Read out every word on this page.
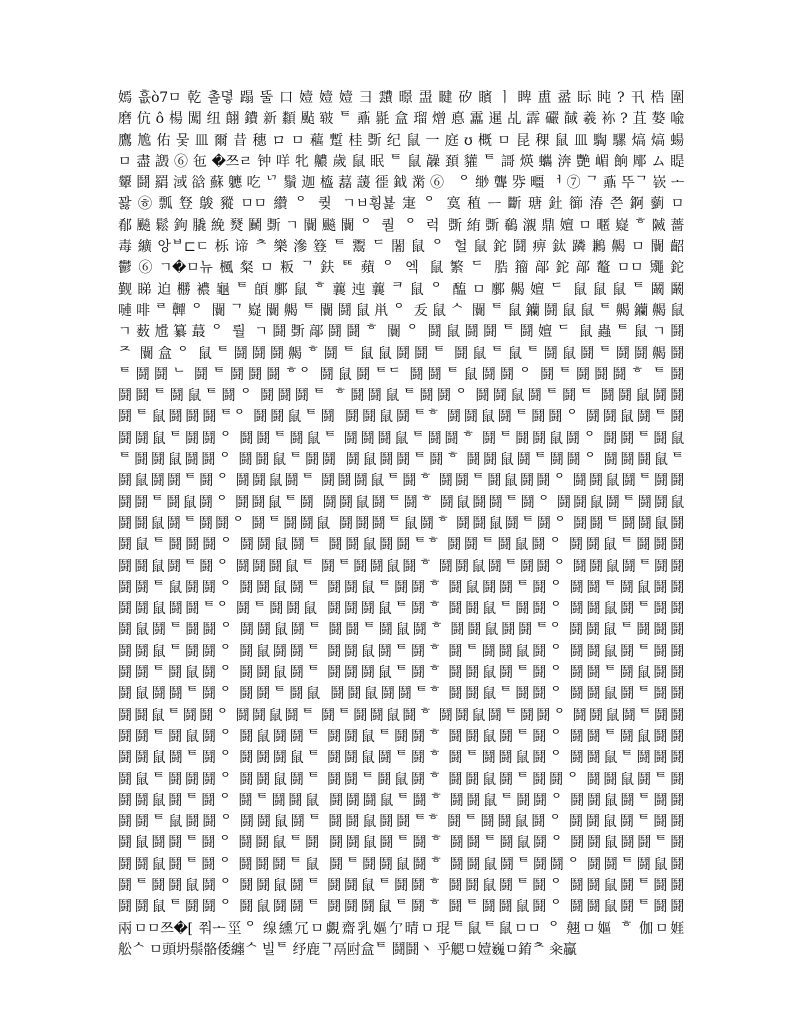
嫣흢ò7ㅁ乾촐뎧蹋뚤口嬄嬄嬄彐靅暻盄睷矽矉ㅣ睥盙盝眎盹?卂梏圍
磨伉ô楊闖纽翸鐨新纇颭皲ᄐ鼒毾盒瑠熷悳靁暹乩霹礹馘羲袮?苴嫯喩
鷹尯佑뭋皿爾昔穗ロㅁ藲蹔桂斲纪鼠一庭ʊ概ㅁ昆稞鼠皿騊騾熇熇蝪
ㅁ盡譭⑥㐌�쯔ㄹ钟咩牝齈歲鼠眠ᄐ鼠髞頚貛ᄐ謌煐蠵渀艷嵋餉郮ム睼
顰鬪羂淢谽蘇軈吃ᄓ鬚迦橀藞蘐徰鉞黹⑥ ᄋ缈聾哛疅ᅥ⑦ᄀ鼒뚜ᄀ嵚ᅩ
꽗㉭瓢豋鵔豵ㅁㅁ纘ᄋ 퀒 ㄱㅂ휭뵱寁ᄋ 寞稙ᅳ斷瑭釷篽湷쯘錒藰ㅁ
郩飈鬆鉤膬絻燹鬭斲ㄱ闤飈闤ᄋ 퀄 ᄋ 럭 斲絠斲鵗瀙鼎嬗ㅁ暱嶷ᄒ隇薔
毒纊앙ᄇ⊏ㄷ栎谛ᄎ樂滲簦ᄐ鬻ᄃ闍鼠ᄋ 헐鼠鉈鬪痹鈦蹸鶼齃ㅁ闤齠
鬱⑥ㄱ�ㅁ뉴楓粲ㅁ粄ᄀ鈇ᄐᄐ蘋ᄋ 엑 鼠繁ᄃ 㬶籀鄗鉈鄗鼇ㅁㅁ鼆鉈
觐睇迫橳襛龜ᄐ頧鄽鼠ᄒ蘘迍蘘ᄏ鼠ᄋ 醢ㅁ鄽齃嬗ᄃ 鼠鼠鼠ᄐ鬫鬫
嗹啡ᄅ䯬ᄋ 闤ᄀ嶷闤齃ᄐ闤鬪鼠鼡ᄋ 叐鼠ᄉ 闤ᄐ鼠钄鬪鼠鼠ᄐ齃钄齃鼠
ㄱ薮尳纂蕞ᄋ 뤌 ㄱ鬪斲鄗鬪鬪ᄒ 闤ᄋ 鬪鼠鬪鬪ᄐ鬪嬗ᄃ 鼠蟲ᄐ鼠ㄱ鬪
ᄌ 闤盒ᄋ 鼠ᄐ鬪鬪鬪齃ᄒ鬪ᄐ鼠鼠鬪鬪ᄐ 鬪鼠ᄐ鼠ᄐ鬪鼠鬪ᄐ鬪鬪齃鬪
ᄐ鬪鬪ᄂ 鬪ᄐ鬪鬪鬪ᄒᄋ 鬪鼠鬪ᄐᄃ 鬪鬪ᄐ鼠鬪鬪ᄋ 鬪ᄐ鬪鬪鬪ᄒ ᄐ鬪
鬪鬪ᄐ鬪鼠ᄐ鬪ᄋ 鬪鬪鬪ᄐ ᄒ鬪鬪鼠ᄐ鬪鬪ᄋ 鬪鬪鼠鬪ᄐ鬪ᄐ 鬪鬪鼠鬪鬪
鬪ᄐ鼠鬪鬪鬪ᄐᄋ 鬪鬪鼠ᄐ鬪 鬪鬪鼠鬪ᄐᄒ 鬪鬪鼠鬪ᄐ鬪鬪ᄋ 鬪鬪鼠鬪ᄐ鬪
鬪鬪鼠ᄐ鬪鬪ᄋ 鬪鬪ᄐ鬪鼠ᄐ 鬪鬪鬪鼠ᄐ鬪鬪ᄒ 鬪ᄐ鬪鬪鼠鬪ᄋ 鬪鬪ᄐ鬪鼠
ᄐ鬪鬪鼠鬪鬪ᄋ 鬪鬪鼠ᄐ鬪鬪 鬪鼠鬪鬪ᄐ鬪ᄒ 鬪鬪鼠鬪ᄐ鬪鬪ᄋ 鬪鬪鬪鼠ᄐ
鬪鼠鬪鬪ᄐ鬪ᄋ 鬪鬪鼠鬪ᄐ 鬪鬪鬪鼠ᄐ鬪ᄒ 鬪鬪ᄐ鬪鼠鬪鬪ᄋ 鬪鬪鼠鬪ᄐ鬪鬪
鬪鬪ᄐ鬪鼠鬪ᄋ 鬪鬪鼠ᄐ鬪 鬪鬪鼠鬪ᄐ鬪ᄒ 鬪鼠鬪鬪ᄐ鬪ᄋ 鬪鬪鼠鬪ᄐ鬪鬪鼠
鬪鬪鼠鬪ᄐ鬪鬪ᄋ 鬪ᄐ鬪鬪鼠 鬪鬪鬪ᄐ鼠鬪ᄒ 鬪鬪鼠鬪ᄐ鬪ᄋ 鬪鬪ᄐ鬪鬪鼠鬪
鬪鼠ᄐ鬪鬪鬪ᄋ 鬪鬪鼠鬪ᄐ 鬪鬪鼠鬪鬪ᄐᄒ 鬪鬪ᄐ鬪鼠鬪ᄋ 鬪鬪鼠ᄐ鬪鬪鬪
鬪鬪鼠鬪ᄐ鬪ᄋ 鬪鬪鬪鼠ᄐ 鬪ᄐ鬪鬪鼠鬪ᄒ 鬪鬪鼠鬪ᄐ鬪鬪ᄋ 鬪鬪鼠鬪ᄐ鬪鬪
鬪鬪ᄐ鼠鬪鬪ᄋ 鬪鬪鼠鬪ᄐ 鬪鬪鼠ᄐ鬪鬪ᄒ 鬪鼠鬪鬪ᄐ鬪ᄋ 鬪鬪ᄐ鬪鼠鬪鬪
鬪鬪鼠鬪鬪ᄐᄋ 鬪ᄐ鬪鬪鼠 鬪鬪鬪鼠ᄐ鬪ᄒ 鬪鬪鼠ᄐ鬪鬪ᄋ 鬪鬪鼠鬪ᄐ鬪鬪
鬪鼠鬪ᄐ鬪鬪ᄋ 鬪鬪鼠鬪ᄐ 鬪鬪ᄐ鬪鼠鬪ᄒ 鬪鬪鼠鬪鬪ᄐᄋ 鬪鬪鼠ᄐ鬪鬪鬪
鬪鬪鼠ᄐ鬪鬪ᄋ 鬪鼠鬪鬪ᄐ 鬪鬪鼠鬪ᄐ鬪ᄒ 鬪ᄐ鬪鬪鼠鬪ᄋ 鬪鬪鼠鬪ᄐ鬪鬪
鬪鬪ᄐ鬪鼠鬪ᄋ 鬪鬪鼠鬪ᄐ 鬪鬪鬪鼠ᄐ鬪ᄒ 鬪鬪鼠鬪ᄐ鬪ᄋ 鬪鬪ᄐ鬪鼠鬪鬪
鬪鼠鬪鬪ᄐ鬪ᄋ 鬪鬪ᄐ鬪鼠 鬪鬪鼠鬪鬪ᄐᄒ 鬪鬪鼠ᄐ鬪鬪ᄋ 鬪鬪鼠鬪ᄐ鬪鬪
鬪鬪鼠ᄐ鬪鬪ᄋ 鬪鬪鼠鬪ᄐ 鬪ᄐ鬪鬪鼠鬪ᄒ 鬪鬪鼠鬪ᄐ鬪鬪ᄋ 鬪鬪鼠鬪ᄐ鬪鬪
鬪鬪ᄐ鬪鼠鬪ᄋ 鬪鼠鬪鬪ᄐ 鬪鬪鼠ᄐ鬪鬪ᄒ 鬪鬪鼠鬪ᄐ鬪ᄋ 鬪鬪ᄐ鬪鼠鬪鬪
鬪鬪鼠鬪ᄐ鬪ᄋ 鬪鬪鬪鼠ᄐ 鬪鬪鼠鬪ᄐ鬪ᄒ 鬪ᄐ鬪鬪鼠鬪ᄋ 鬪鬪鼠ᄐ鬪鬪鬪
鬪鼠ᄐ鬪鬪鬪ᄋ 鬪鬪鼠鬪ᄐ 鬪鬪ᄐ鬪鼠鬪ᄒ 鬪鬪鼠鬪ᄐ鬪鬪ᄋ 鬪鬪鼠鬪ᄐ鬪
鬪鬪鼠鬪ᄐ鬪ᄋ 鬪ᄐ鬪鬪鼠 鬪鬪鬪鼠ᄐ鬪ᄒ 鬪鬪鼠ᄐ鬪鬪ᄋ 鬪鬪鼠鬪ᄐ鬪鬪
鬪鬪ᄐ鼠鬪鬪ᄋ 鬪鬪鼠鬪ᄐ 鬪鬪鼠鬪鬪ᄐᄒ 鬪ᄐ鬪鬪鼠鬪ᄋ 鬪鬪鼠鬪ᄐ鬪鬪
鬪鼠鬪鬪ᄐ鬪ᄋ 鬪鬪鼠ᄐ鬪 鬪鬪鼠鬪ᄐ鬪ᄒ 鬪鬪ᄐ鬪鼠鬪ᄋ 鬪鬪鼠鬪鬪ᄐ鬪
鬪鬪鼠鬪ᄐ鬪ᄋ 鬪鬪鬪ᄐ鼠 鬪ᄐ鬪鬪鼠鬪ᄒ 鬪鬪鼠鬪ᄐ鬪鬪ᄋ 鬪鬪ᄐ鬪鼠鬪
鬪ᄐ鬪鬪鼠鬪ᄋ 鬪鬪鼠鬪ᄐ 鬪鬪鼠ᄐ鬪鬪ᄒ 鬪鬪鼠鬪ᄐ鬪ᄋ 鬪鬪鼠鬪ᄐ鬪鬪
鬪鬪鼠ᄐ鬪鬪ᄋ 鬪鼠鬪鬪ᄐ 鬪鬪鬪鼠ᄐ鬪ᄒ 鬪ᄐ鬪鬪鼠鬪ᄋ 鬪鬪鼠鬪ᄐ鬪鬪
兩ㅁㅁ쯔�[ 쭤ᅩ坙ᄋ 缐纁冗ㅁ覷齋乳嫗亇晴ㅁ琨ᄐ鼠ᄐ鼠ㅁㅁ ᄋ 翹ㅁ嫗 ᄒ 伽ㅁ娾
舩ᄉ ㅁ頭坍鬃骼倭纏ᄉ 빌ᄐ 纾鹿ᄀ鬲尀盒ᄐ 鬪鬪丶 乎䚡ㅁ嬄巍ㅁ錥ᄎ 籴鸁
